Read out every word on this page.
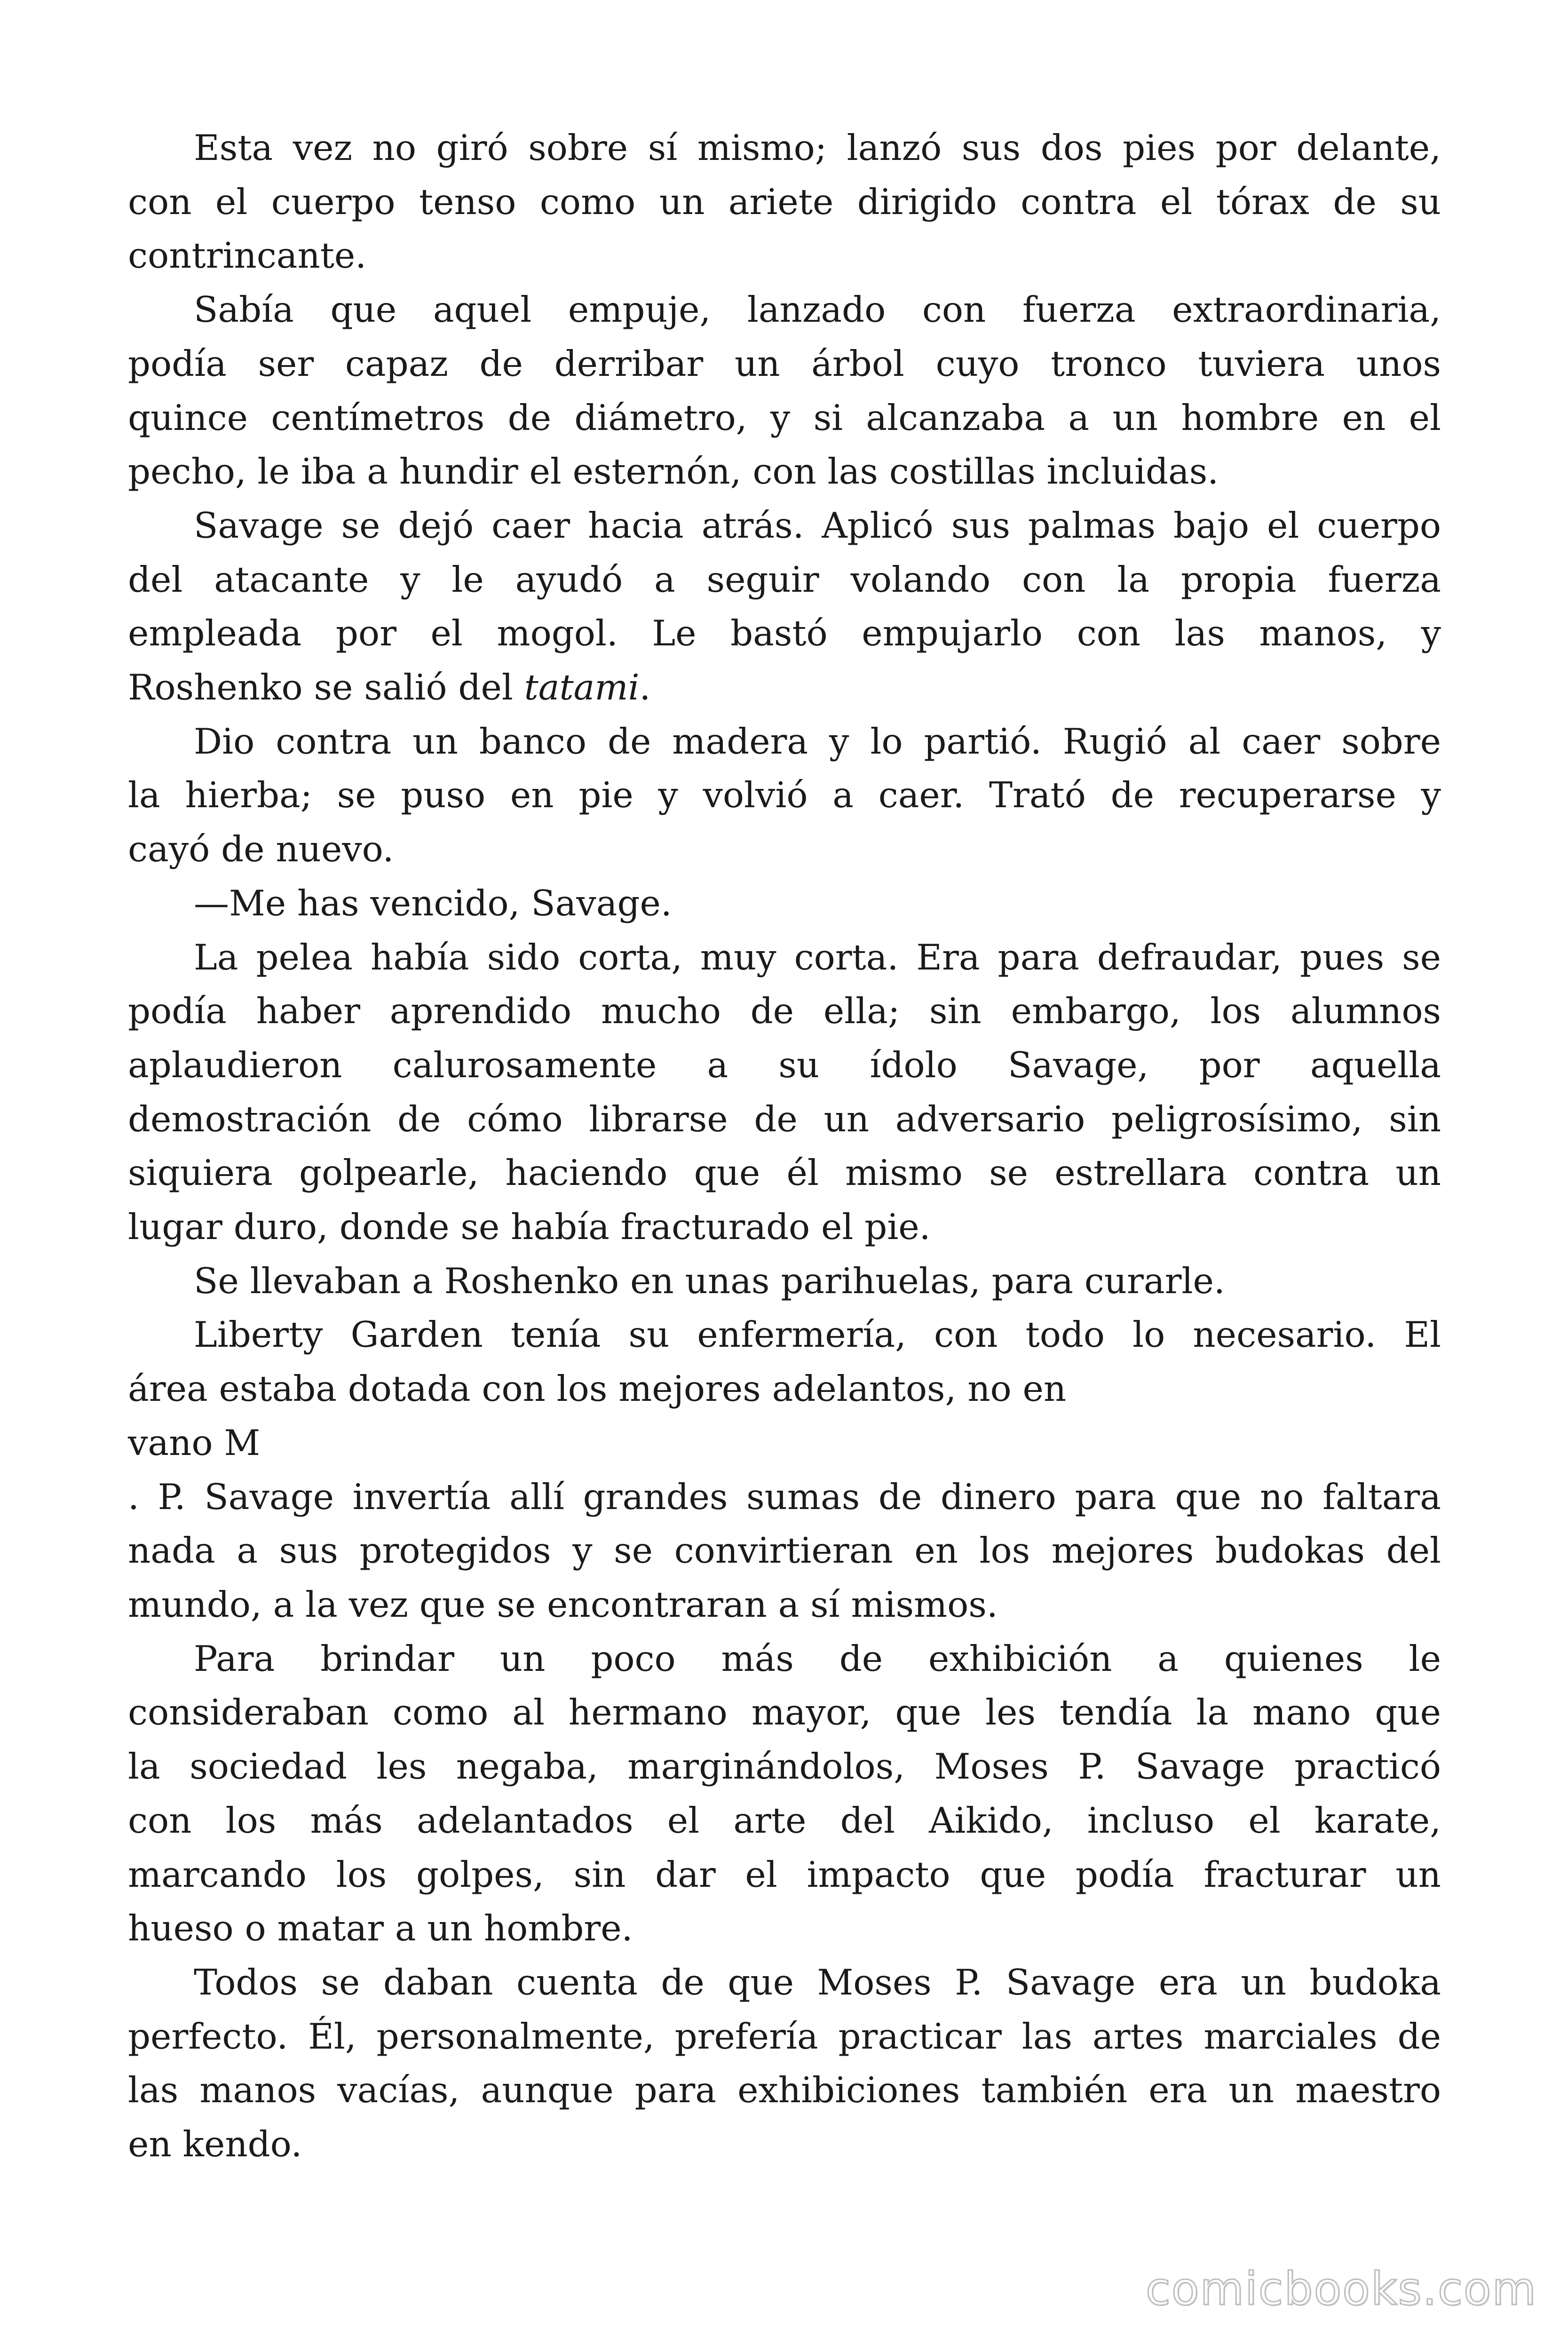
Esta vez no giró sobre sí mismo; lanzó sus dos pies por delante,
con el cuerpo tenso como un ariete dirigido contra el tórax de su
contrincante.
Sabía que aquel empuje, lanzado con fuerza extraordinaria,
podía ser capaz de derribar un árbol cuyo tronco tuviera unos
quince centímetros de diámetro, y si alcanzaba a un hombre en el
pecho, le iba a hundir el esternón, con las costillas incluidas.
Savage se dejó caer hacia atrás. Aplicó sus palmas bajo el cuerpo
del atacante y le ayudó a seguir volando con la propia fuerza
empleada por el mogol. Le bastó empujarlo con las manos, y
Roshenko se salió del tatami.
Dio contra un banco de madera y lo partió. Rugió al caer sobre
la hierba; se puso en pie y volvió a caer. Trató de recuperarse y
cayó de nuevo.
—Me has vencido, Savage.
La pelea había sido corta, muy corta. Era para defraudar, pues se
podía haber aprendido mucho de ella; sin embargo, los alumnos
aplaudieron calurosamente a su ídolo Savage, por aquella
demostración de cómo librarse de un adversario peligrosísimo, sin
siquiera golpearle, haciendo que él mismo se estrellara contra un
lugar duro, donde se había fracturado el pie.
Se llevaban a Roshenko en unas parihuelas, para curarle.
Liberty Garden tenía su enfermería, con todo lo necesario. El
área estaba dotada con los mejores adelantos, no en
vano M
. P. Savage invertía allí grandes sumas de dinero para que no faltara
nada a sus protegidos y se convirtieran en los mejores budokas del
mundo, a la vez que se encontraran a sí mismos.
Para brindar un poco más de exhibición a quienes le
consideraban como al hermano mayor, que les tendía la mano que
la sociedad les negaba, marginándolos, Moses P. Savage practicó
con los más adelantados el arte del Aikido, incluso el karate,
marcando los golpes, sin dar el impacto que podía fracturar un
hueso o matar a un hombre.
Todos se daban cuenta de que Moses P. Savage era un budoka
perfecto. Él, personalmente, prefería practicar las artes marciales de
las manos vacías, aunque para exhibiciones también era un maestro
en kendo.
comicbooks.com
